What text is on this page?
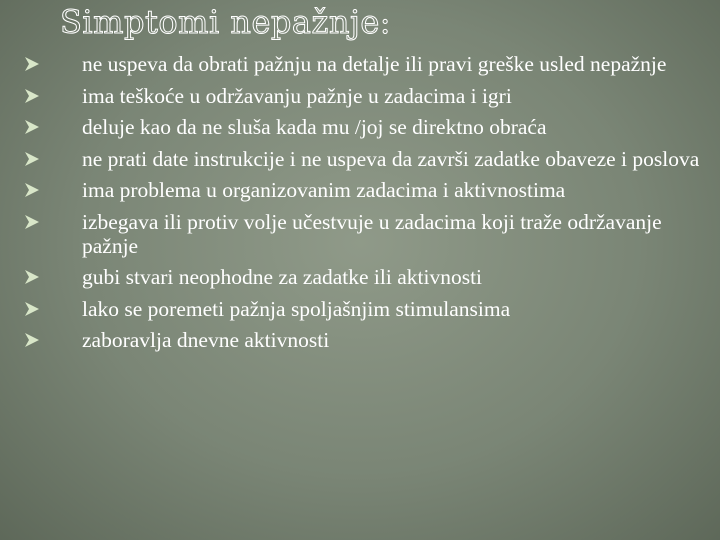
Simptomi nepažnje:
ne uspeva da obrati pažnju na detalje ili pravi greške usled nepažnje
ima teškoće u održavanju pažnje u zadacima i igri
deluje kao da ne sluša kada mu /joj se direktno obraća
ne prati date instrukcije i ne uspeva da završi zadatke obaveze i poslova
ima problema u organizovanim zadacima i aktivnostima
izbegava ili protiv volje učestvuje u zadacima koji traže održavanje pažnje
gubi stvari neophodne za zadatke ili aktivnosti
lako se poremeti pažnja spoljašnjim stimulansima
zaboravlja dnevne aktivnosti
